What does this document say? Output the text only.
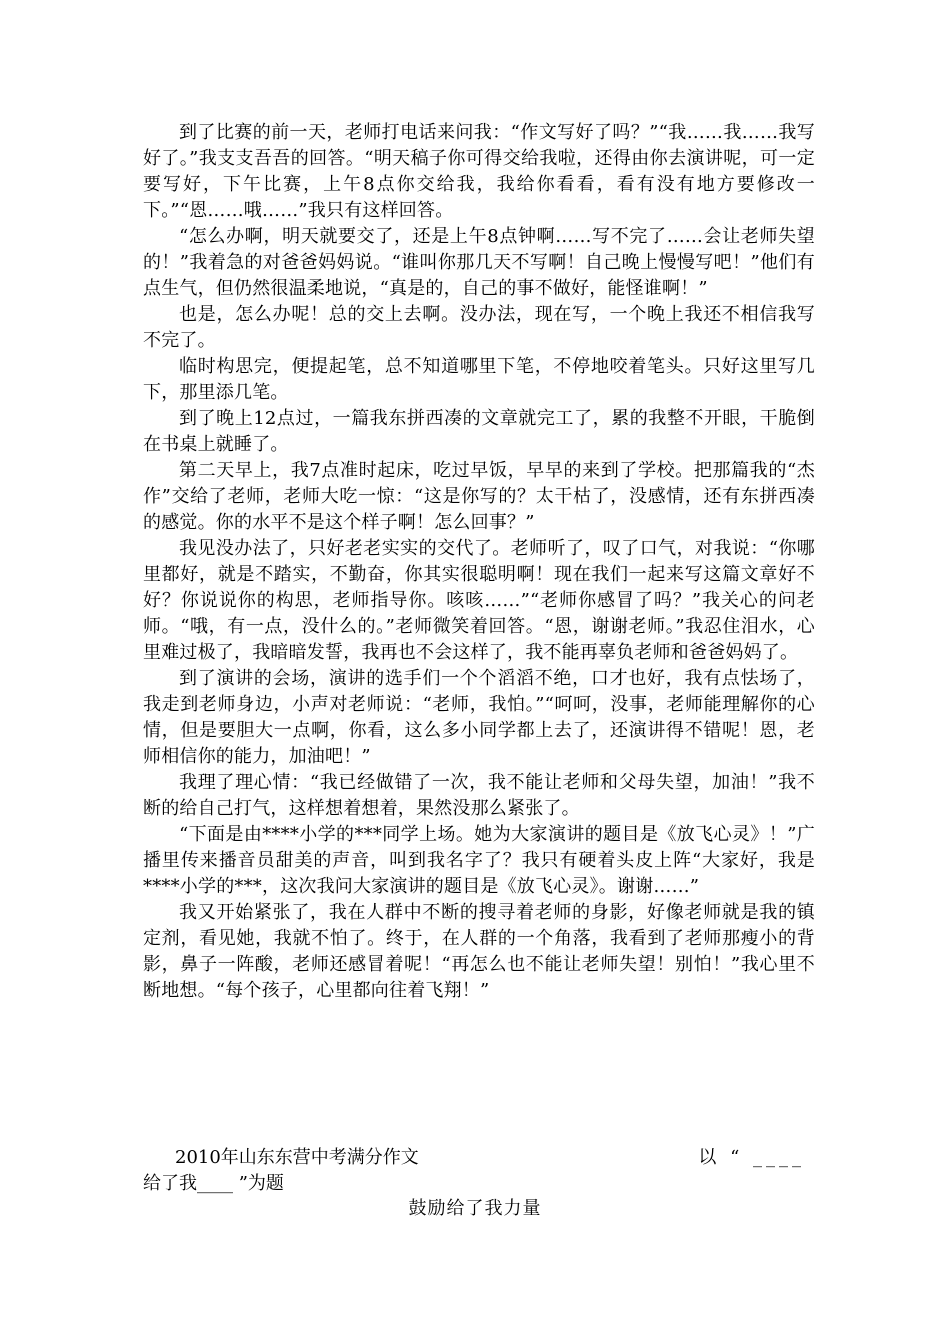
到了比赛的前一天，老师打电话来问我：“作文写好了吗？”“我……我……我写好了。”我支支吾吾的回答。“明天稿子你可得交给我啦，还得由你去演讲呢，可一定要写好，下午比赛，上午8点你交给我，我给你看看，看有没有地方要修改一下。”“恩……哦……”我只有这样回答。

“怎么办啊，明天就要交了，还是上午8点钟啊……写不完了……会让老师失望的！”我着急的对爸爸妈妈说。“谁叫你那几天不写啊！自己晚上慢慢写吧！”他们有点生气，但仍然很温柔地说，“真是的，自己的事不做好，能怪谁啊！”

也是，怎么办呢！总的交上去啊。没办法，现在写，一个晚上我还不相信我写不完了。

临时构思完，便提起笔，总不知道哪里下笔，不停地咬着笔头。只好这里写几下，那里添几笔。

到了晚上12点过，一篇我东拼西凑的文章就完工了，累的我整不开眼，干脆倒在书桌上就睡了。

第二天早上，我7点准时起床，吃过早饭，早早的来到了学校。把那篇我的“杰作”交给了老师，老师大吃一惊：“这是你写的？太干枯了，没感情，还有东拼西凑的感觉。你的水平不是这个样子啊！怎么回事？”

我见没办法了，只好老老实实的交代了。老师听了，叹了口气，对我说：“你哪里都好，就是不踏实，不勤奋，你其实很聪明啊！现在我们一起来写这篇文章好不好？你说说你的构思，老师指导你。咳咳……”“老师你感冒了吗？”我关心的问老师。“哦，有一点，没什么的。”老师微笑着回答。“恩，谢谢老师。”我忍住泪水，心里难过极了，我暗暗发誓，我再也不会这样了，我不能再辜负老师和爸爸妈妈了。

到了演讲的会场，演讲的选手们一个个滔滔不绝，口才也好，我有点怯场了，我走到老师身边，小声对老师说：“老师，我怕。”“呵呵，没事，老师能理解你的心情，但是要胆大一点啊，你看，这么多小同学都上去了，还演讲得不错呢！恩，老师相信你的能力，加油吧！”

我理了理心情：“我已经做错了一次，我不能让老师和父母失望，加油！”我不断的给自己打气，这样想着想着，果然没那么紧张了。

“下面是由****小学的***同学上场。她为大家演讲的题目是《放飞心灵》！”广播里传来播音员甜美的声音，叫到我名字了？我只有硬着头皮上阵“大家好，我是****小学的***，这次我问大家演讲的题目是《放飞心灵》。谢谢……”

我又开始紧张了，我在人群中不断的搜寻着老师的身影，好像老师就是我的镇定剂，看见她，我就不怕了。终于，在人群的一个角落，我看到了老师那瘦小的背影，鼻子一阵酸，老师还感冒着呢！“再怎么也不能让老师失望！别怕！”我心里不断地想。“每个孩子，心里都向往着飞翔！”

2010年山东东营中考满分作文	以 “ ____
给了我____ ”为题
鼓励给了我力量
